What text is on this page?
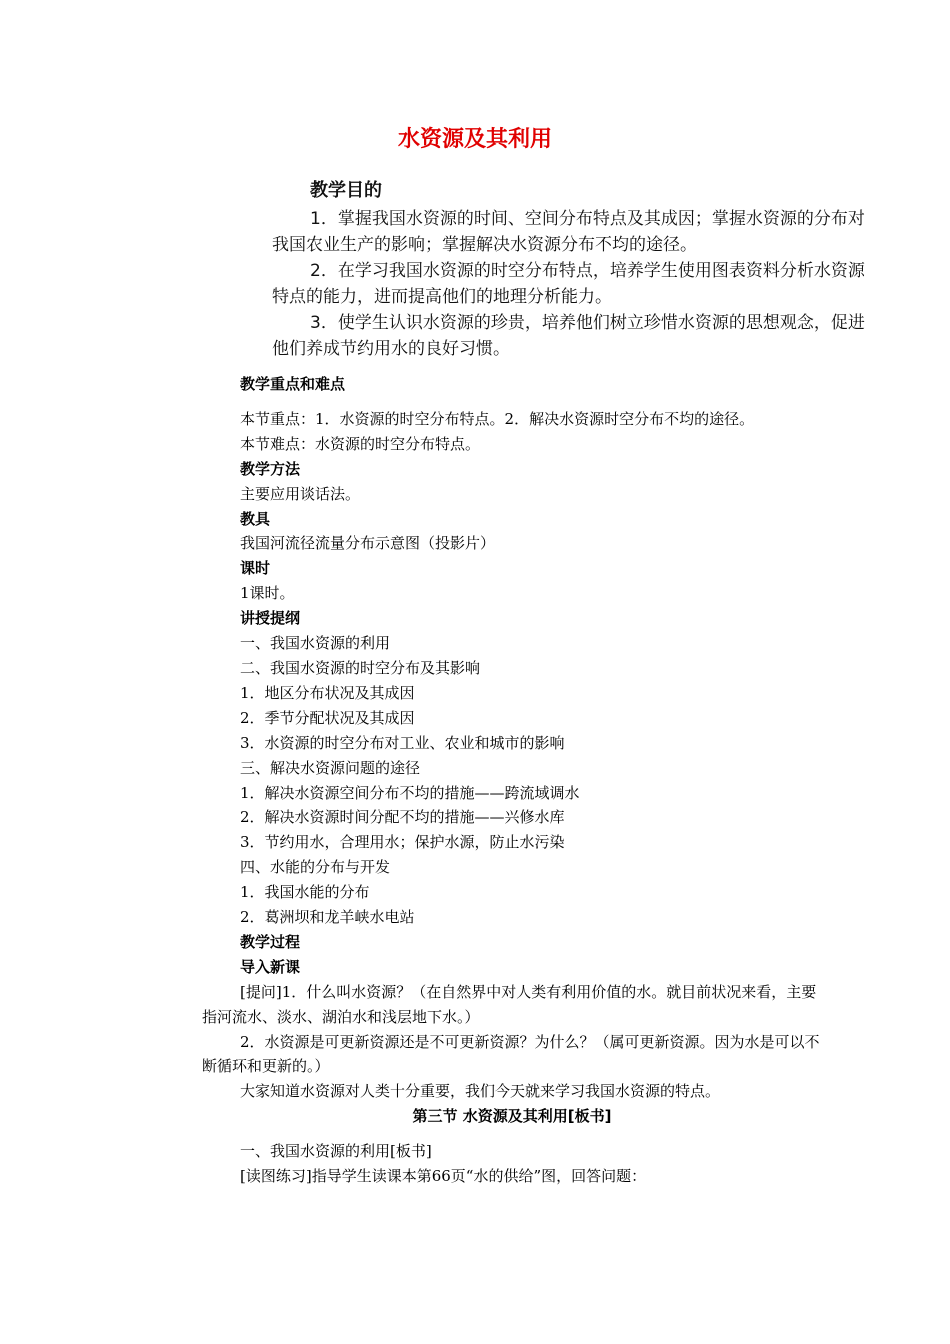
水资源及其利用
教学目的
1．掌握我国水资源的时间、空间分布特点及其成因；掌握水资源的分布对我国农业生产的影响；掌握解决水资源分布不均的途径。
2．在学习我国水资源的时空分布特点，培养学生使用图表资料分析水资源特点的能力，进而提高他们的地理分析能力。
3．使学生认识水资源的珍贵，培养他们树立珍惜水资源的思想观念，促进他们养成节约用水的良好习惯。
教学重点和难点
本节重点：1．水资源的时空分布特点。2．解决水资源时空分布不均的途径。
本节难点：水资源的时空分布特点。
教学方法
主要应用谈话法。
教具
我国河流径流量分布示意图（投影片）
课时
1课时。
讲授提纲
一、我国水资源的利用
二、我国水资源的时空分布及其影响
1．地区分布状况及其成因
2．季节分配状况及其成因
3．水资源的时空分布对工业、农业和城市的影响
三、解决水资源问题的途径
1．解决水资源空间分布不均的措施——跨流域调水
2．解决水资源时间分配不均的措施——兴修水库
3．节约用水，合理用水；保护水源，防止水污染
四、水能的分布与开发
1．我国水能的分布
2．葛洲坝和龙羊峡水电站
教学过程
导入新课
[提问]1．什么叫水资源？（在自然界中对人类有利用价值的水。就目前状况来看，主要指河流水、淡水、湖泊水和浅层地下水。）
2．水资源是可更新资源还是不可更新资源？为什么？（属可更新资源。因为水是可以不断循环和更新的。）
大家知道水资源对人类十分重要，我们今天就来学习我国水资源的特点。
第三节 水资源及其利用[板书]
一、我国水资源的利用[板书]
[读图练习]指导学生读课本第66页“水的供给”图，回答问题：
